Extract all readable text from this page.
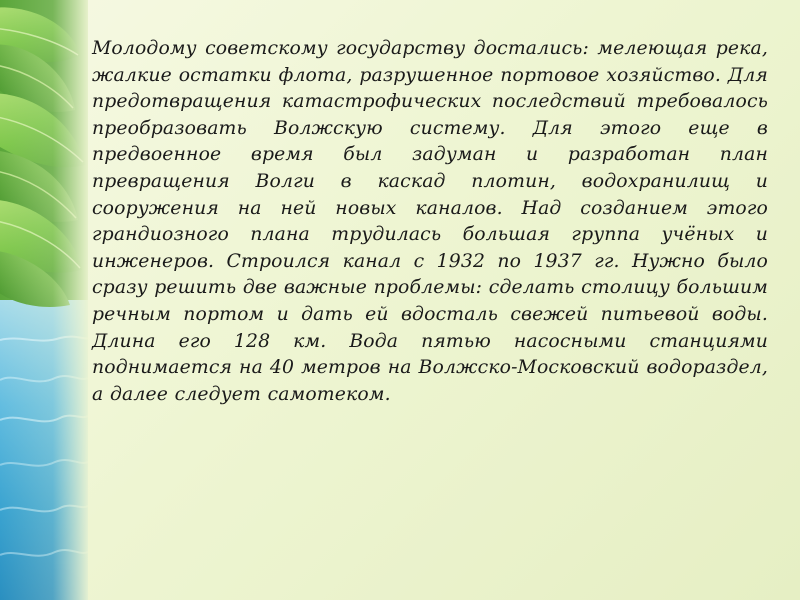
Молодому советскому государству достались: мелеющая река, жалкие остатки флота, разрушенное портовое хозяйство. Для предотвращения катастрофических последствий требовалось преобразовать Волжскую систему. Для этого еще в предвоенное время был задуман и разработан план превращения Волги в каскад плотин, водохранилищ и сооружения на ней новых каналов. Над созданием этого грандиозного плана трудилась большая группа учёных и инженеров. Строился канал с 1932 по 1937 гг. Нужно было сразу решить две важные проблемы: сделать столицу большим речным портом и дать ей вдосталь свежей питьевой воды. Длина его 128 км. Вода пятью насосными станциями поднимается на 40 метров на Волжско-Московский водораздел, а далее следует самотеком.
